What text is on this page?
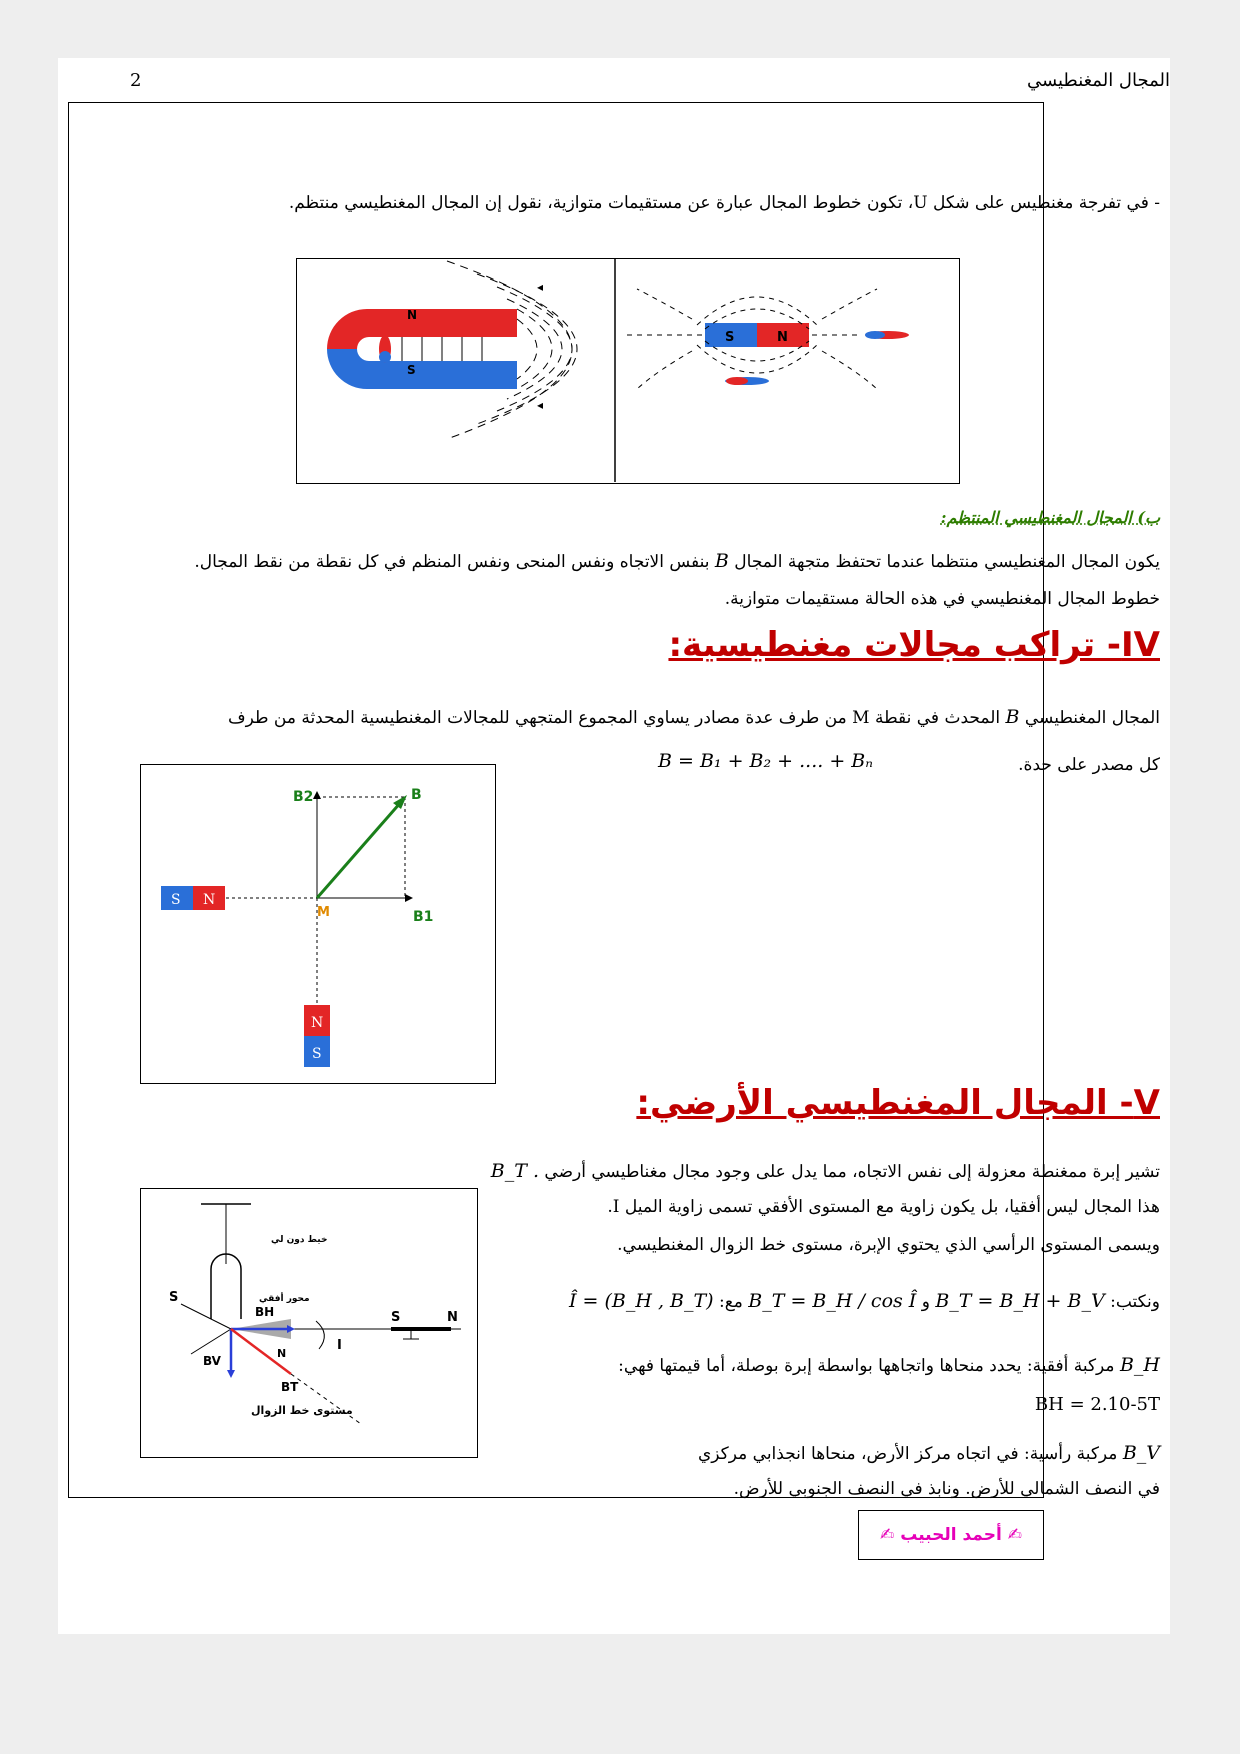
المجال المغنطيسي
2
- في تفرجة مغنطيس على شكل U، تكون خطوط المجال عبارة عن مستقيمات متوازية، نقول إن المجال المغنطيسي منتظم.
N
S
◂
◂
S	N
ب) المجال المغنطيسي المنتظم:
يكون المجال المغنطيسي منتظما عندما تحتفظ متجهة المجال B بنفس الاتجاه ونفس المنحى ونفس المنظم في كل نقطة من نقط المجال.
خطوط المجال المغنطيسي في هذه الحالة مستقيمات متوازية.
IV- تراكب مجالات مغنطيسية:
المجال المغنطيسي B المحدث في نقطة M من طرف عدة مصادر يساوي المجموع المتجهي للمجالات المغنطيسية المحدثة من طرف
كل مصدر على حدة.
B = B₁ + B₂ + .... + Bₙ
B
B2
B1
M
S N
N
S
V- المجال المغنطيسي الأرضي:
تشير إبرة ممغنطة معزولة إلى نفس الاتجاه، مما يدل على وجود مجال مغناطيسي أرضي B_T .
هذا المجال ليس أفقيا، بل يكون زاوية مع المستوى الأفقي تسمى زاوية الميل I.
ويسمى المستوى الرأسي الذي يحتوي الإبرة، مستوى خط الزوال المغنطيسي.
ونكتب: B_T = B_H + B_V و B_T = B_H / cos Î مع: Î = (B_H , B_T)
B_H مركبة أفقية: يحدد منحاها واتجاهها بواسطة إبرة بوصلة، أما قيمتها فهي:
BH = 2.10-5T
B_V مركبة رأسية: في اتجاه مركز الأرض، منحاها انجذابي مركزي
في النصف الشمالي للأرض. ونابذ في النصف الجنوبي للأرض.
خيط دون لي
محور أفقي
S
N
BH
BV
BT
I
S	N
مستوى خط الزوال
✍

أحمد الحبيب

✍
